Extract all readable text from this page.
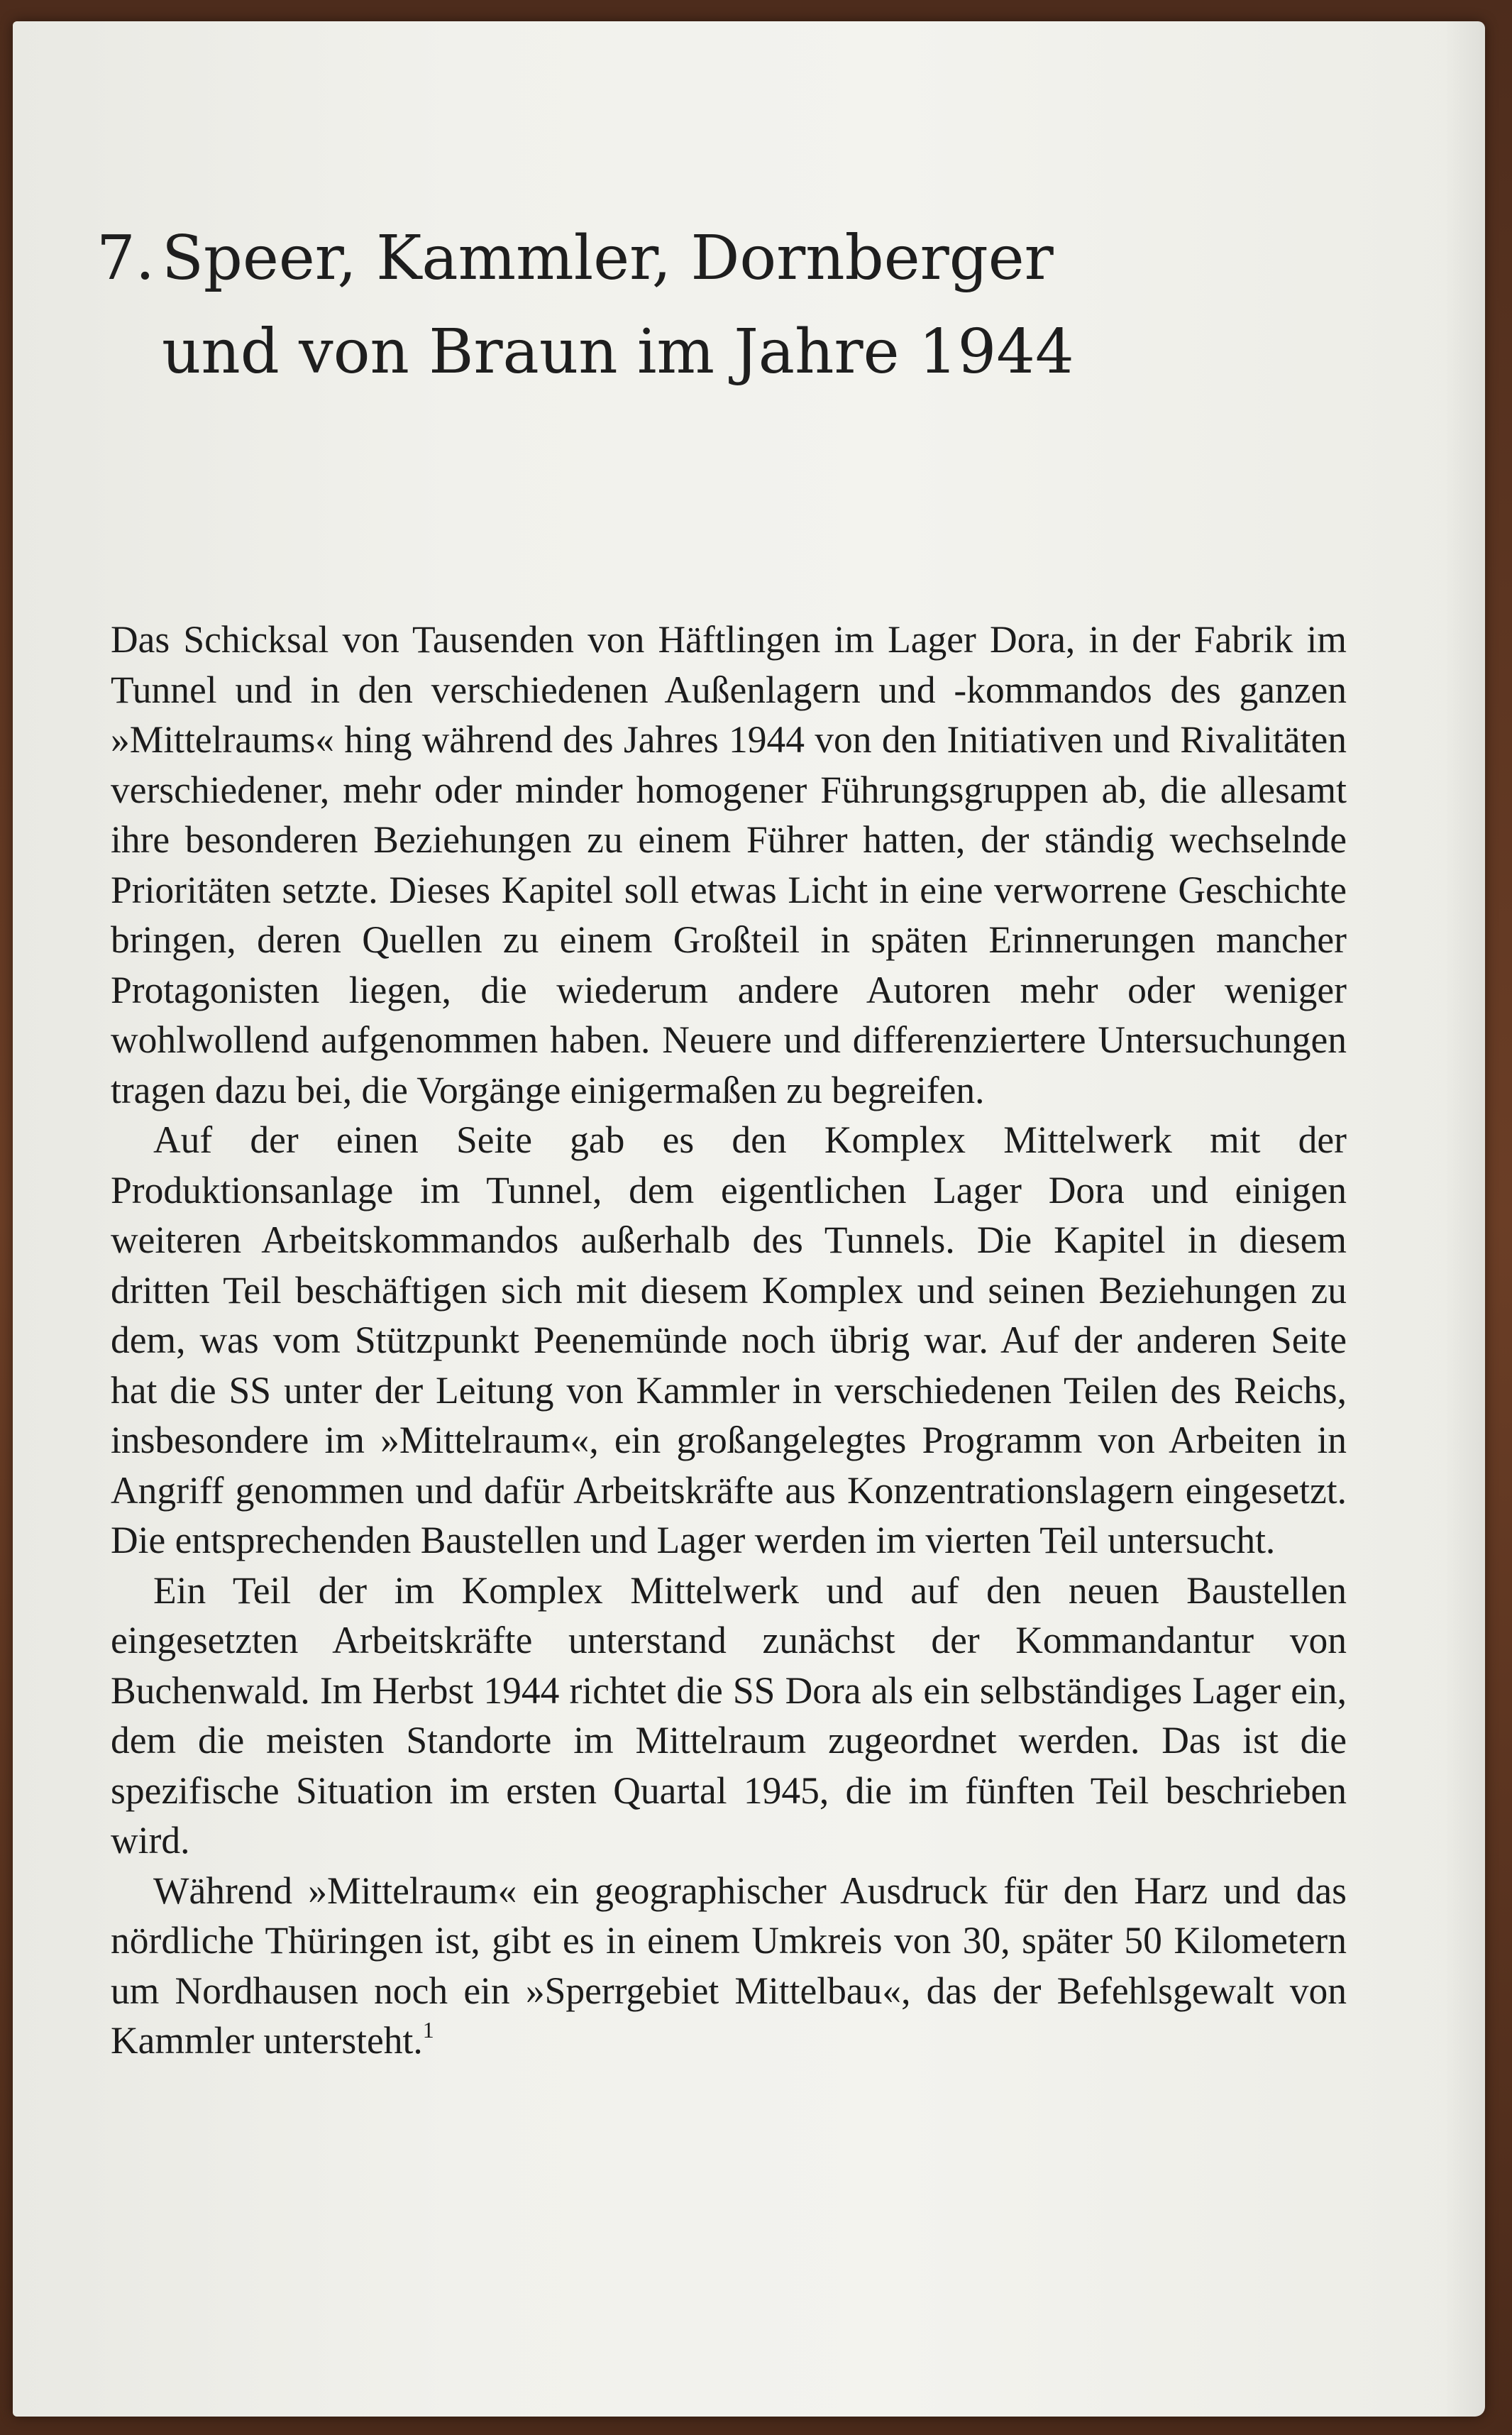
7. Speer, Kammler, Dornberger
und von Braun im Jahre 1944

Das Schicksal von Tausenden von Häftlingen im Lager Dora, in der Fabrik im Tunnel und in den verschiedenen Außenlagern und -kommandos des ganzen »Mittelraums« hing während des Jahres 1944 von den Initiativen und Rivalitäten verschiedener, mehr oder minder homogener Führungsgruppen ab, die allesamt ihre besonderen Beziehungen zu einem Führer hatten, der ständig wechselnde Prioritäten setzte. Dieses Kapitel soll etwas Licht in eine verworrene Geschichte bringen, deren Quellen zu einem Großteil in späten Erinnerungen mancher Protagonisten liegen, die wiederum andere Autoren mehr oder weniger wohlwollend aufgenommen haben. Neuere und differenziertere Untersuchungen tragen dazu bei, die Vorgänge einigermaßen zu begreifen.

Auf der einen Seite gab es den Komplex Mittelwerk mit der Produktionsanlage im Tunnel, dem eigentlichen Lager Dora und einigen weiteren Arbeitskommandos außerhalb des Tunnels. Die Kapitel in diesem dritten Teil beschäftigen sich mit diesem Komplex und seinen Beziehungen zu dem, was vom Stützpunkt Peenemünde noch übrig war. Auf der anderen Seite hat die SS unter der Leitung von Kammler in verschiedenen Teilen des Reichs, insbesondere im »Mittelraum«, ein großangelegtes Programm von Arbeiten in Angriff genommen und dafür Arbeitskräfte aus Konzentrationslagern eingesetzt. Die entsprechenden Baustellen und Lager werden im vierten Teil untersucht.

Ein Teil der im Komplex Mittelwerk und auf den neuen Baustellen eingesetzten Arbeitskräfte unterstand zunächst der Kommandantur von Buchenwald. Im Herbst 1944 richtet die SS Dora als ein selbständiges Lager ein, dem die meisten Standorte im Mittelraum zugeordnet werden. Das ist die spezifische Situation im ersten Quartal 1945, die im fünften Teil beschrieben wird.

Während »Mittelraum« ein geographischer Ausdruck für den Harz und das nördliche Thüringen ist, gibt es in einem Umkreis von 30, später 50 Kilometern um Nordhausen noch ein »Sperrgebiet Mittelbau«, das der Befehlsgewalt von Kammler untersteht.$^1$
